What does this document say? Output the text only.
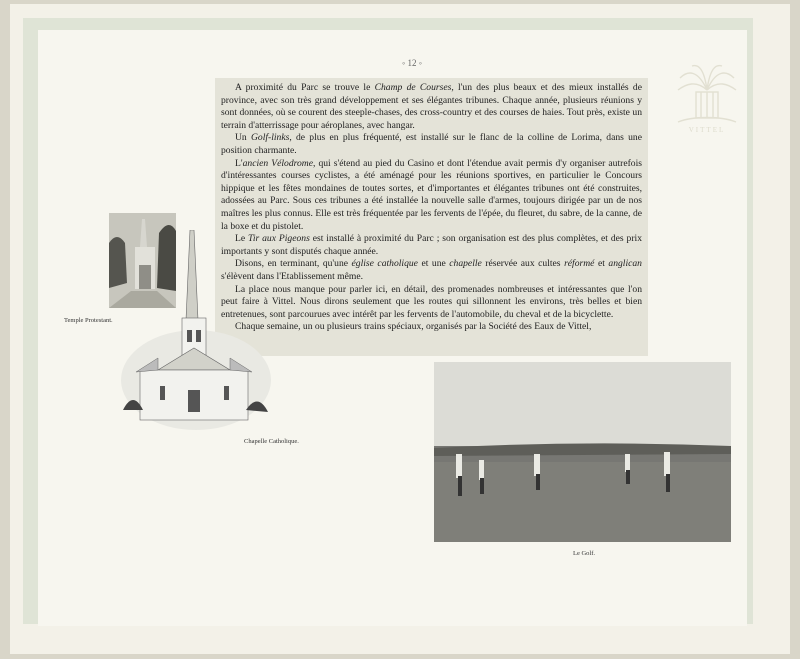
◦ 12 ◦

A proximité du Parc se trouve le Champ de Courses, l'un des plus beaux et des mieux installés de province, avec son très grand développement et ses élégantes tribunes. Chaque année, plusieurs réunions y sont données, où se courent des steeple-chases, des cross-country et des courses de haies. Tout près, existe un terrain d'atterrissage pour aéroplanes, avec hangar.

Un Golf-links, de plus en plus fréquenté, est installé sur le flanc de la colline de Lorima, dans une position charmante.

L'ancien Vélodrome, qui s'étend au pied du Casino et dont l'étendue avait permis d'y organiser autrefois d'intéressantes courses cyclistes, a été aménagé pour les réunions sportives, en particulier le Concours hippique et les fêtes mondaines de toutes sortes, et d'importantes et élégantes tribunes ont été construites, adossées au Parc. Sous ces tribunes a été installée la nouvelle salle d'armes, toujours dirigée par un de nos maîtres les plus connus. Elle est très fréquentée par les fervents de l'épée, du fleuret, du sabre, de la canne, de la boxe et du pistolet.

Le Tir aux Pigeons est installé à proximité du Parc ; son organisation est des plus complètes, et des prix importants y sont disputés chaque année.

Disons, en terminant, qu'une église catholique et une chapelle réservée aux cultes réformé et anglican s'élèvent dans l'Etablissement même.

La place nous manque pour parler ici, en détail, des promenades nombreuses et intéressantes que l'on peut faire à Vittel. Nous dirons seulement que les routes qui sillonnent les environs, très belles et bien entretenues, sont parcourues avec intérêt par les fervents de l'automobile, du cheval et de la bicyclette.

Chaque semaine, un ou plusieurs trains spéciaux, organisés par la Société des Eaux de Vittel,

VITTEL
Temple Protestant.
Chapelle Catholique.
Le Golf.
